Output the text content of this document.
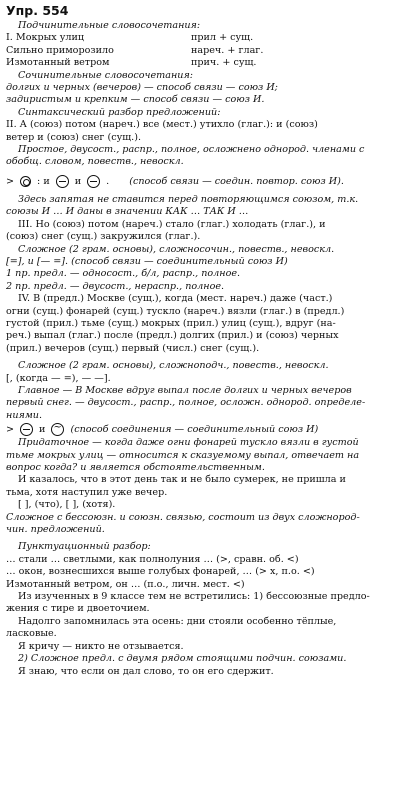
Упр. 554
Подчинительные словосочетания:
I. Мокрых улиц	прил + сущ.
Сильно приморозило	нареч. + глаг.
Измотанный ветром	прич. + сущ.
Сочинительные словосочетания:
долгих и черных (вечеров) — способ связи — союз И;
задиристым и крепким — способ связи — союз И.
Синтаксический разбор предложений:
II. А (союз) потом (нареч.) все (мест.) утихло (глаг.): и (союз)
ветер и (союз) снег (сущ.).
Простое, двусост., распр., полное, осложнено однород. членами с
обобщ. словом, повеств., невоскл.
> : и	и	. (способ связи — соедин. повтор. союз И).
Здесь запятая не ставится перед повторяющимся союзом, т.к.
союзы И … И даны в значении КАК … ТАК И …
III. Но (союз) потом (нареч.) стало (глаг.) холодать (глаг.), и
(союз) снег (сущ.) закружился (глаг.).
Сложное (2 грам. основы), сложносочин., повеств., невоскл.
[=], и [— =]. (способ связи — соединительный союз И)
1 пр. предл. — односост., б/л, распр., полное.
2 пр. предл. — двусост., нераспр., полное.
IV. В (предл.) Москве (сущ.), когда (мест. нареч.) даже (част.)
огни (сущ.) фонарей (сущ.) тускло (нареч.) вязли (глаг.) в (предл.)
густой (прил.) тьме (сущ.) мокрых (прил.) улиц (сущ.), вдруг (на-
реч.) выпал (глаг.) после (предл.) долгих (прил.) и (союз) черных
(прил.) вечеров (сущ.) первый (числ.) снег (сущ.).
Сложное (2 грам. основы), сложноподч., повеств., невоскл.
[, (когда — =), — —].
Главное — В Москве вдруг выпал после долгих и черных вечеров
первый снег. — двусост., распр., полное, осложн. однород. определе-
ниями.
>	и
~	(способ соединения — соединительный союз И)
Придаточное — когда даже огни фонарей тускло вязли в густой
тьме мокрых улиц — относится к сказуемому выпал, отвечает на
вопрос когда? и является обстоятельственным.
И казалось, что в этот день так и не было сумерек, не пришла и
тьма, хотя наступил уже вечер.
[ ], (что), [ ], (хотя).
Сложное с бессоюзн. и союзн. связью, состоит из двух сложноpод-
чин. предложений.
Пунктуационный разбор:
… стали … светлыми, как полнолуния … (>, сравн. об. <)
… окон, вознесшихся выше голубых фонарей, … (> х, п.о. <)
Измотанный ветром, он … (п.о., личн. мест. <)
Из изученных в 9 классе тем не встретились: 1) бессоюзные предло-
жения с тире и двоеточием.
Надолго запомнилась эта осень: дни стояли особенно тёплые,
ласковые.
Я кричу — никто не отзывается.
2) Сложное предл. с двумя рядом стоящими подчин. союзами.
Я знаю, что если он дал слово, то он его сдержит.
